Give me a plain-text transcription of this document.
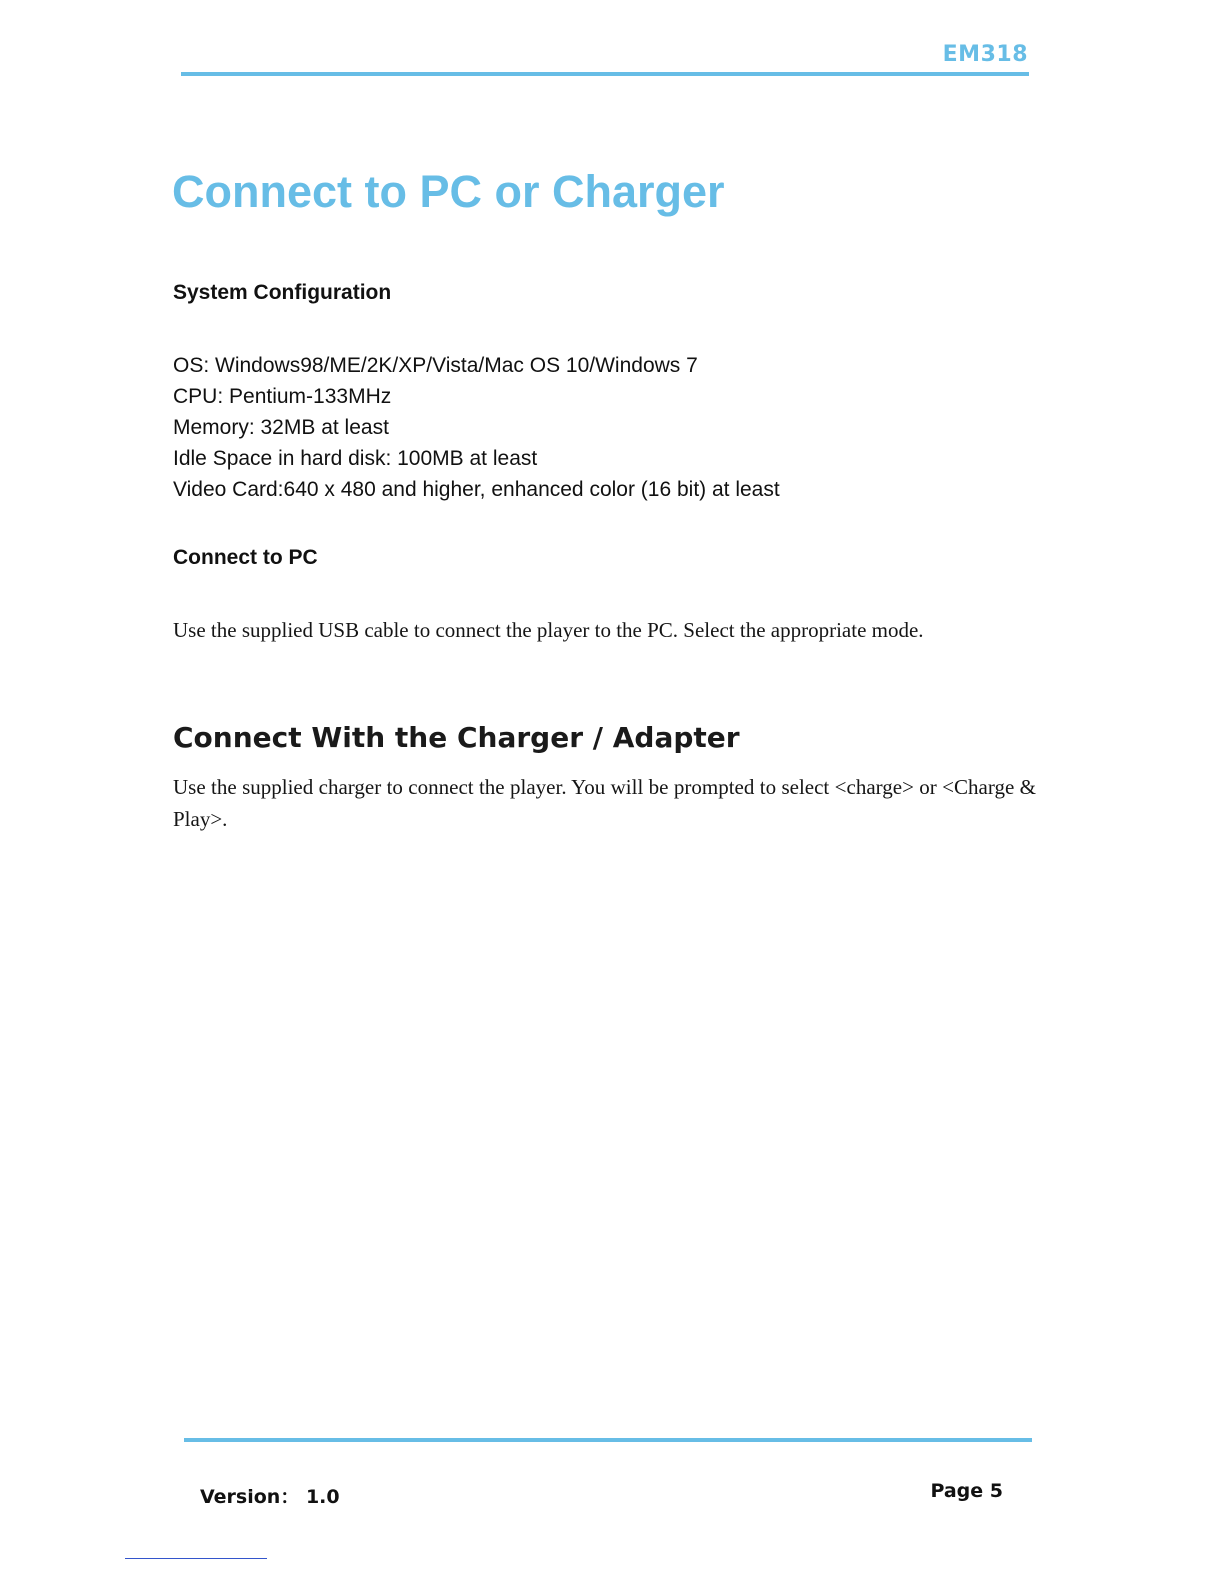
EM318
Connect to PC or Charger
System Configuration
OS: Windows98/ME/2K/XP/Vista/Mac OS 10/Windows 7
CPU: Pentium-133MHz
Memory: 32MB at least
Idle Space in hard disk: 100MB at least
Video Card:640 x 480 and higher, enhanced color (16 bit) at least
Connect to PC

Use the supplied USB cable to connect the player to the PC. Select the appropriate mode.

Connect With the Charger / Adapter

Use the supplied charger to connect the player. You will be prompted to select <charge> or <Charge & Play>.

Version： 1.0	Page 5
